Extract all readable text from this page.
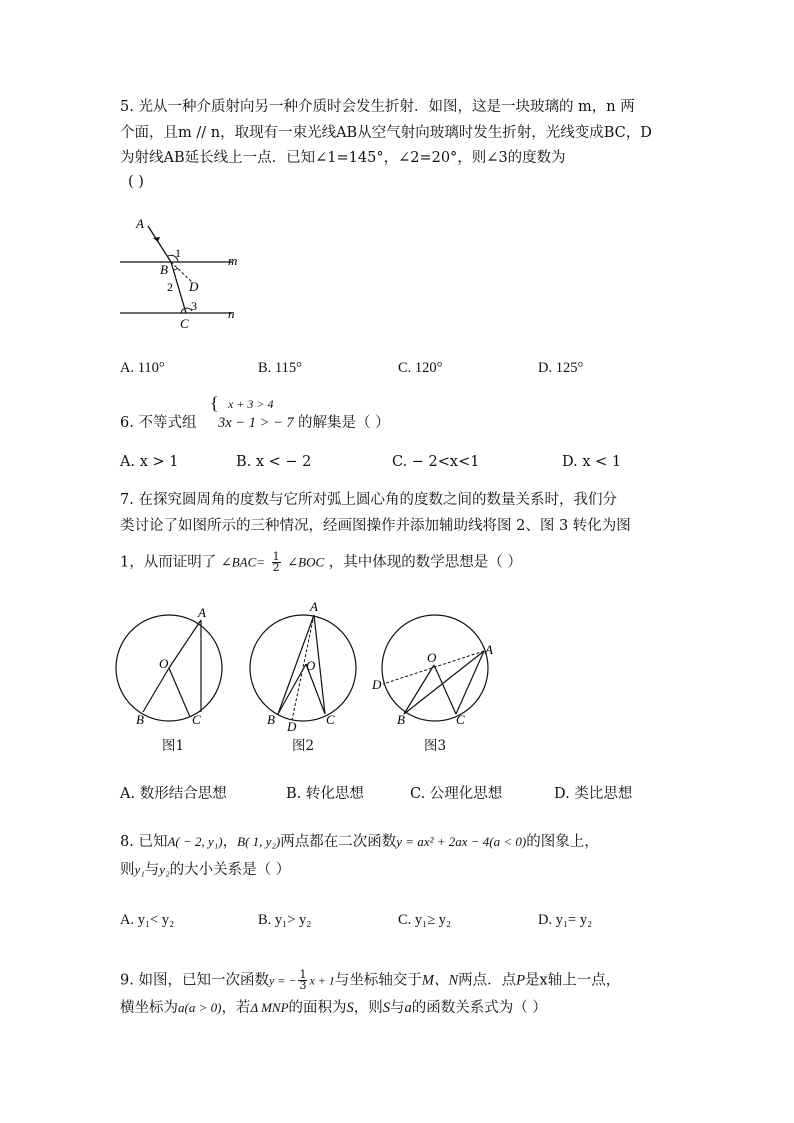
5. 光从一种介质射向另一种介质时会发生折射．如图，这是一块玻璃的 m，n 两
个面，且m // n，取现有一束光线AB从空气射向玻璃时发生折射，光线变成BC，D
为射线AB延长线上一点．已知∠1=145°，∠2=20°，则∠3的度数为
( )
A
1
B
2 D
3
C
m
n
A. 110°	B. 115°	C. 120°	D. 125°
6. 不等式组
{ x + 3 > 4
3x − 1 > − 7 的解集是（ ）
A. x > 1	B. x < − 2	C. − 2<x<1	D. x < 1
7. 在探究圆周角的度数与它所对弧上圆心角的度数之间的数量关系时，我们分
类讨论了如图所示的三种情况，经画图操作并添加辅助线将图 2、图 3 转化为图
1，从而证明了 ∠BAC= $\frac{1}{2}$ ∠BOC ，其中体现的数学思想是（ ）
A
O
B	C
A
O
B D C
A
O
D
B	C
图1	图2	图3
A. 数形结合思想	B. 转化思想	C. 公理化思想	D. 类比思想
8. 已知A( − 2, y₁)，B( 1, y₂)两点都在二次函数y = ax² + 2ax − 4(a < 0)的图象上，
则y₁与y₂的大小关系是（ ）
A. y₁< y₂	B. y₁> y₂	C. y₁≥ y₂	D. y₁= y₂
9. 如图，已知一次函数y = − $\frac{1}{3}$ x + 1与坐标轴交于M、N两点．点P是x轴上一点，
横坐标为a(a > 0)，若Δ MNP的面积为S，则S与a的函数关系式为（ ）
